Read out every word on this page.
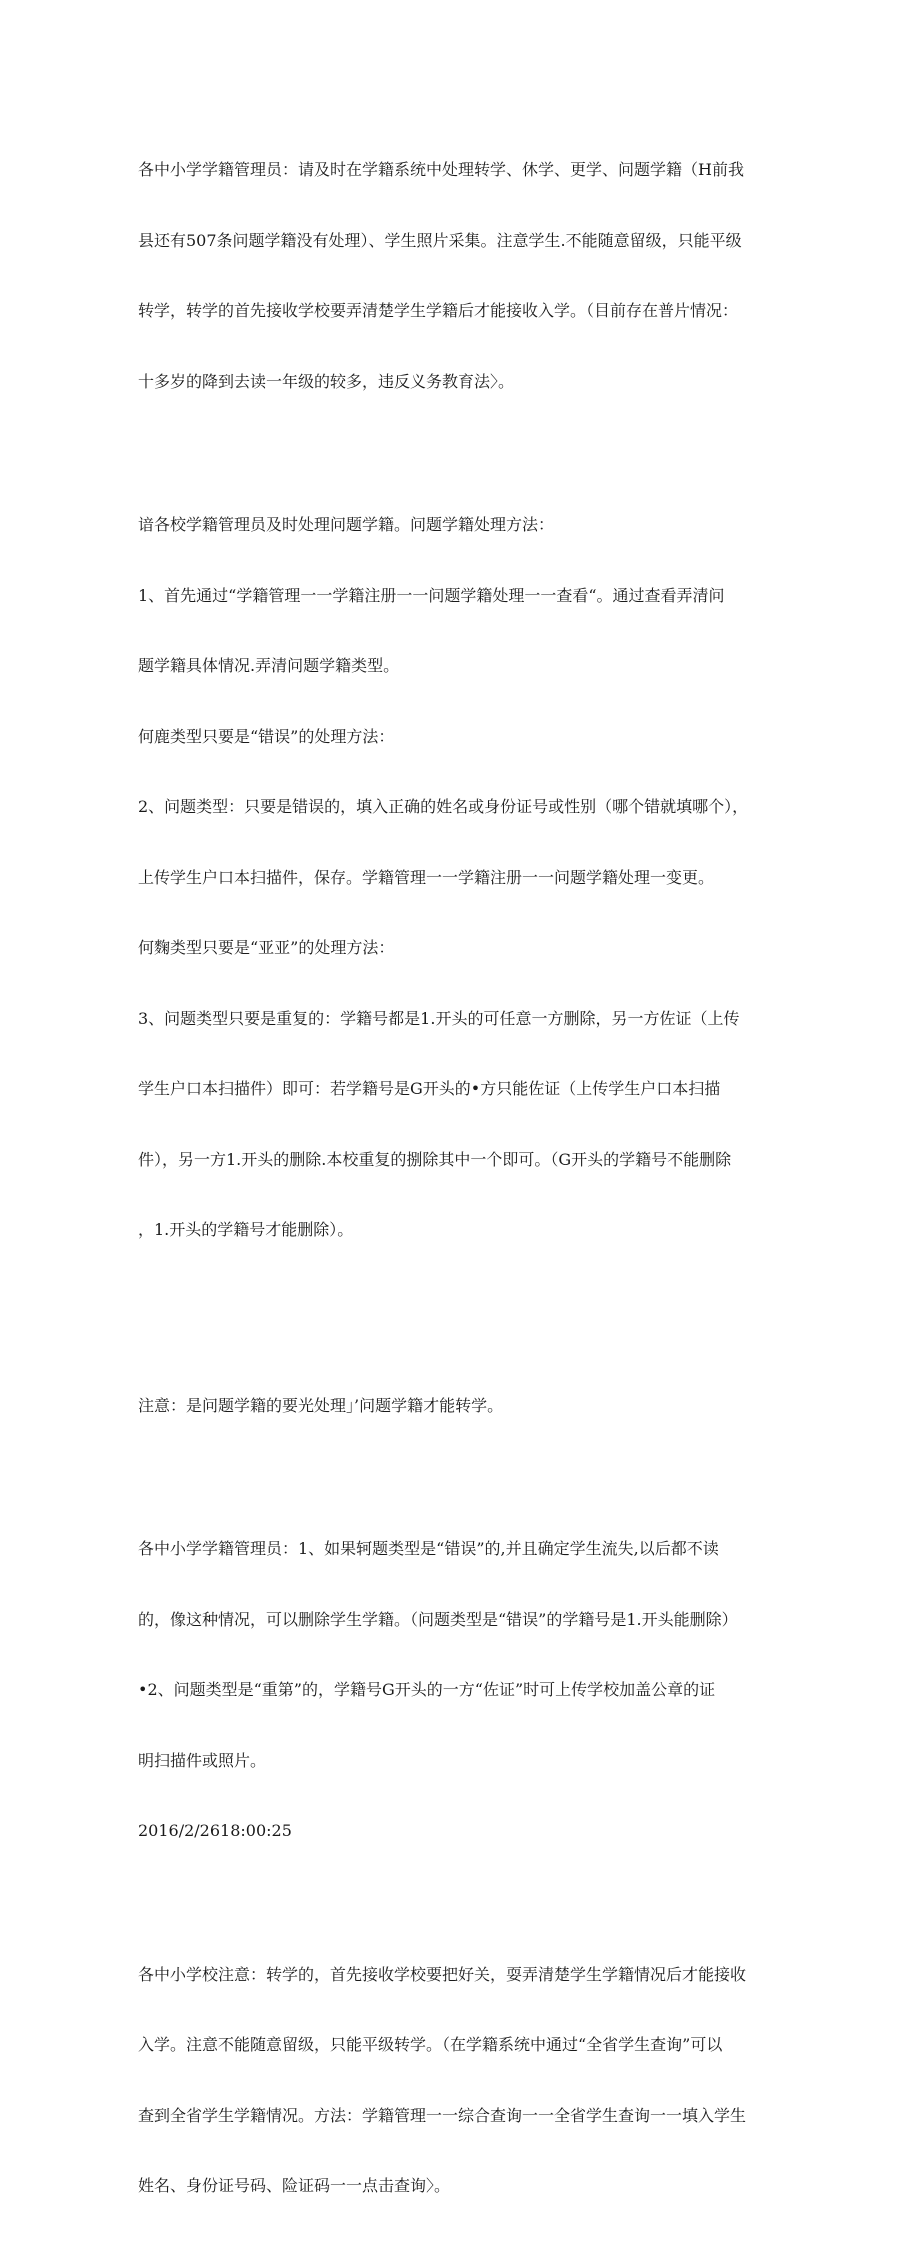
各中小学学籍管理员：请及时在学籍系统中处理转学、休学、更学、问题学籍（H前我

县还有507条问题学籍没有处理）、学生照片采集。注意学生.不能随意留级，只能平级

转学，转学的首先接收学校要弄清楚学生学籍后才能接收入学。（目前存在普片情况：

十多岁的降到去读一年级的较多，违反义务教育法〉。

谙各校学籍管理员及时处理问题学籍。问题学籍处理方法：

1、首先通过“学籍管理一一学籍注册一一问题学籍处理一一查看“。通过查看弄清问

题学籍具体情况.弄清问题学籍类型。

何鹿类型只要是“错误”的处理方法：

2、问题类型：只要是错误的，填入正确的姓名或身份证号或性别（哪个错就填哪个），

上传学生户口本扫描件，保存。学籍管理一一学籍注册一一问题学籍处理一变更。

何麴类型只要是“亚亚”的处理方法：

3、问题类型只要是重复的：学籍号都是1.开头的可任意一方删除，另一方佐证（上传

学生户口本扫描件）即可：若学籍号是G开头的•方只能佐证（上传学生户口本扫描

件），另一方1.开头的删除.本校重复的捌除其中一个即可。（G开头的学籍号不能删除

，1.开头的学籍号才能删除）。

注意：是问题学籍的要光处理」’问题学籍才能转学。

各中小学学籍管理员：1、如果轲题类型是“错误”的,并且确定学生流失,以后都不读

的，像这种情况，可以删除学生学籍。（问题类型是“错误”的学籍号是1.开头能删除）

•2、问题类型是“重第”的，学籍号G开头的一方“佐证”时可上传学校加盖公章的证

明扫描件或照片。

2016/2/2618:00:25

各中小学校注意：转学的，首先接收学校要把好关，耍弄清楚学生学籍情况后才能接收

入学。注意不能随意留级，只能平级转学。（在学籍系统中通过“全省学生查询”可以

查到全省学生学籍情况。方法：学籍管理一一综合查询一一全省学生查询一一填入学生

姓名、身份证号码、险证码一一点击查询〉。
